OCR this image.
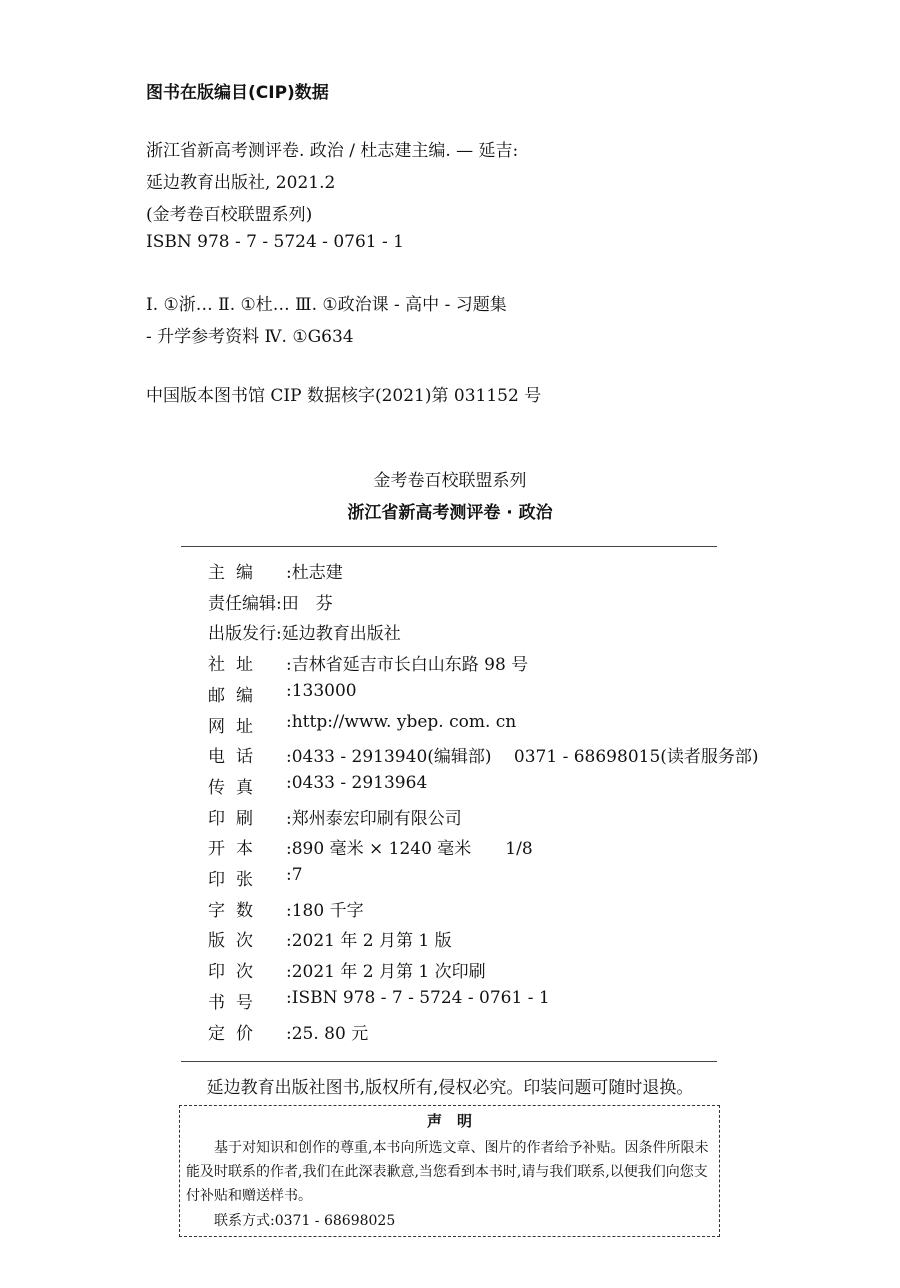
图书在版编目(CIP)数据
浙江省新高考测评卷. 政治 / 杜志建主编. — 延吉:
延边教育出版社, 2021.2
(金考卷百校联盟系列)
ISBN 978 - 7 - 5724 - 0761 - 1
Ⅰ. ①浙… Ⅱ. ①杜… Ⅲ. ①政治课 - 高中 - 习题集
- 升学参考资料 Ⅳ. ①G634
中国版本图书馆 CIP 数据核字(2021)第 031152 号
金考卷百校联盟系列
浙江省新高考测评卷 · 政治
主 编 :杜志建
责任编辑 :田　芬
出版发行 :延边教育出版社
社 址 :吉林省延吉市长白山东路 98 号
邮 编 :133000
网 址 :http://www. ybep. com. cn
电 话 :0433 - 2913940(编辑部)　 0371 - 68698015(读者服务部)
传 真 :0433 - 2913964
印 刷 :郑州泰宏印刷有限公司
开 本 :890 毫米 × 1240 毫米　　1/8
印 张 :7
字 数 :180 千字
版 次 :2021 年 2 月第 1 版
印 次 :2021 年 2 月第 1 次印刷
书 号 :ISBN 978 - 7 - 5724 - 0761 - 1
定 价 :25. 80 元
延边教育出版社图书,版权所有,侵权必究。印装问题可随时退换。
声　明
基于对知识和创作的尊重,本书向所选文章、图片的作者给予补贴。因条件所限未能及时联系的作者,我们在此深表歉意,当您看到本书时,请与我们联系,以便我们向您支付补贴和赠送样书。
联系方式:0371 - 68698025
